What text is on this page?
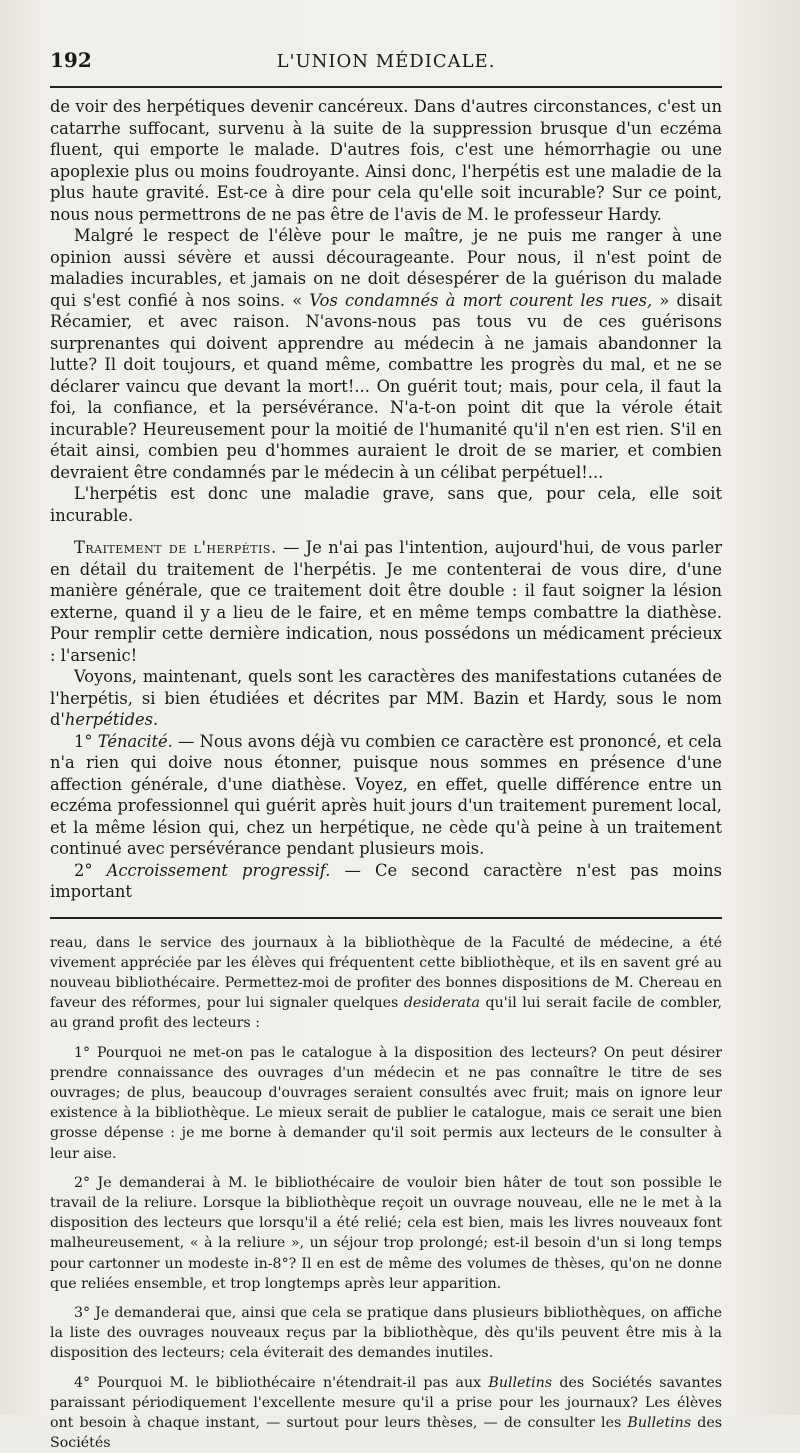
192	L'UNION MÉDICALE.

de voir des herpétiques devenir cancéreux. Dans d'autres circonstances, c'est un catarrhe suffocant, survenu à la suite de la suppression brusque d'un eczéma fluent, qui emporte le malade. D'autres fois, c'est une hémorrhagie ou une apoplexie plus ou moins foudroyante. Ainsi donc, l'herpétis est une maladie de la plus haute gravité. Est-ce à dire pour cela qu'elle soit incurable? Sur ce point, nous nous permettrons de ne pas être de l'avis de M. le professeur Hardy.

Malgré le respect de l'élève pour le maître, je ne puis me ranger à une opinion aussi sévère et aussi décourageante. Pour nous, il n'est point de maladies incurables, et jamais on ne doit désespérer de la guérison du malade qui s'est confié à nos soins. « Vos condamnés à mort courent les rues, » disait Récamier, et avec raison. N'avons-nous pas tous vu de ces guérisons surprenantes qui doivent apprendre au médecin à ne jamais abandonner la lutte? Il doit toujours, et quand même, combattre les progrès du mal, et ne se déclarer vaincu que devant la mort!... On guérit tout; mais, pour cela, il faut la foi, la confiance, et la persévérance. N'a-t-on point dit que la vérole était incurable? Heureusement pour la moitié de l'humanité qu'il n'en est rien. S'il en était ainsi, combien peu d'hommes auraient le droit de se marier, et combien devraient être condamnés par le médecin à un célibat perpétuel!...

L'herpétis est donc une maladie grave, sans que, pour cela, elle soit incurable.

Traitement de l'herpétis. — Je n'ai pas l'intention, aujourd'hui, de vous parler en détail du traitement de l'herpétis. Je me contenterai de vous dire, d'une manière générale, que ce traitement doit être double : il faut soigner la lésion externe, quand il y a lieu de le faire, et en même temps combattre la diathèse. Pour remplir cette dernière indication, nous possédons un médicament précieux : l'arsenic!

Voyons, maintenant, quels sont les caractères des manifestations cutanées de l'herpétis, si bien étudiées et décrites par MM. Bazin et Hardy, sous le nom d'herpétides.

1° Ténacité. — Nous avons déjà vu combien ce caractère est prononcé, et cela n'a rien qui doive nous étonner, puisque nous sommes en présence d'une affection générale, d'une diathèse. Voyez, en effet, quelle différence entre un eczéma professionnel qui guérit après huit jours d'un traitement purement local, et la même lésion qui, chez un herpétique, ne cède qu'à peine à un traitement continué avec persévérance pendant plusieurs mois.

2° Accroissement progressif. — Ce second caractère n'est pas moins important

reau, dans le service des journaux à la bibliothèque de la Faculté de médecine, a été vivement appréciée par les élèves qui fréquentent cette bibliothèque, et ils en savent gré au nouveau bibliothécaire. Permettez-moi de profiter des bonnes dispositions de M. Chereau en faveur des réformes, pour lui signaler quelques desiderata qu'il lui serait facile de combler, au grand profit des lecteurs :

1° Pourquoi ne met-on pas le catalogue à la disposition des lecteurs? On peut désirer prendre connaissance des ouvrages d'un médecin et ne pas connaître le titre de ses ouvrages; de plus, beaucoup d'ouvrages seraient consultés avec fruit; mais on ignore leur existence à la bibliothèque. Le mieux serait de publier le catalogue, mais ce serait une bien grosse dépense : je me borne à demander qu'il soit permis aux lecteurs de le consulter à leur aise.

2° Je demanderai à M. le bibliothécaire de vouloir bien hâter de tout son possible le travail de la reliure. Lorsque la bibliothèque reçoit un ouvrage nouveau, elle ne le met à la disposition des lecteurs que lorsqu'il a été relié; cela est bien, mais les livres nouveaux font malheureusement, « à la reliure », un séjour trop prolongé; est-il besoin d'un si long temps pour cartonner un modeste in-8°? Il en est de même des volumes de thèses, qu'on ne donne que reliées ensemble, et trop longtemps après leur apparition.

3° Je demanderai que, ainsi que cela se pratique dans plusieurs bibliothèques, on affiche la liste des ouvrages nouveaux reçus par la bibliothèque, dès qu'ils peuvent être mis à la disposition des lecteurs; cela éviterait des demandes inutiles.

4° Pourquoi M. le bibliothécaire n'étendrait-il pas aux Bulletins des Sociétés savantes paraissant périodiquement l'excellente mesure qu'il a prise pour les journaux? Les élèves ont besoin à chaque instant, — surtout pour leurs thèses, — de consulter les Bulletins des Sociétés
